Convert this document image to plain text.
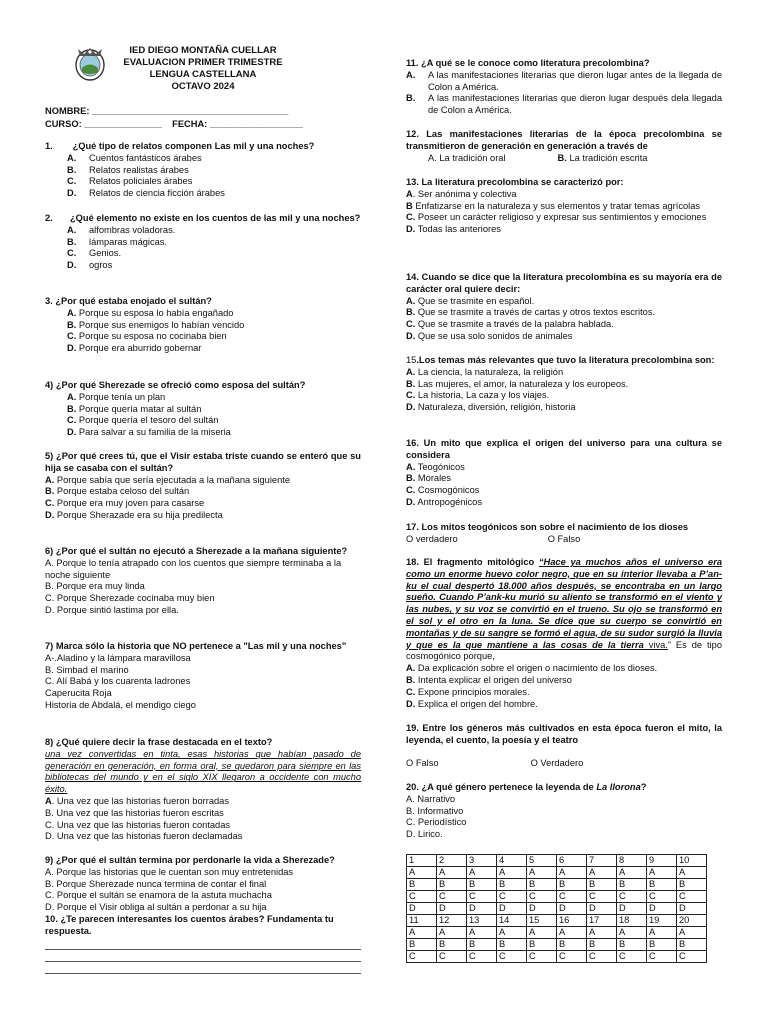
IED DIEGO MONTAÑA CUELLAR
EVALUACION PRIMER TRIMESTRE
LENGUA CASTELLANA
OCTAVO 2024
NOMBRE: ______________________________________
CURSO: _______________ FECHA: __________________
1. ¿Qué tipo de relatos componen Las mil y una noches?
A.	Cuentos fantásticos árabes
B.	Relatos realistas árabes
C.	Relatos policiales árabes
D.	Relatos de ciencia ficción árabes
2.	¿Qué elemento no existe en los cuentos de las mil y una noches?
A.	alfombras voladoras.
B.	lámparas mágicas.
C.	Genios.
D.	ogros
3. ¿Por qué estaba enojado el sultán?
A. Porque su esposa lo había engañado
B. Porque sus enemigos lo habían vencido
C. Porque su esposa no cocinaba bien
D. Porque era aburrido gobernar
4) ¿Por qué Sherezade se ofreció como esposa del sultán?
A. Porque tenía un plan
B. Porque quería matar al sultán
C. Porque quería el tesoro del sultán
D. Para salvar a su familia de la miseria
5) ¿Por qué crees tú, que el Visir estaba triste cuando se enteró que su hija se casaba con el sultán?
A. Porque sabía que sería ejecutada a la mañana siguiente
B. Porque estaba celoso del sultán
C. Porque era muy joven para casarse
D. Porque Sherazade era su hija predilecta
6) ¿Por qué el sultán no ejecutó a Sherezade a la mañana siguiente?
A. Porque lo tenía atrapado con los cuentos que siempre terminaba a la noche siguiente
B. Porque era muy linda
C. Porque Sherezade cocinaba muy bien
D. Porque sintió lastima por ella.
7) Marca sólo la historia que NO pertenece a "Las mil y una noches"
A-.Aladino y la lámpara maravillosa
B. Simbad el marino
C. Alí Babá y los cuarenta ladrones
Caperucita Roja
Historia de Abdalá, el mendigo ciego
8) ¿Qué quiere decir la frase destacada en el texto?
una vez convertidas en tinta, esas historias que habían pasado de generación en generación, en forma oral, se quedaron para siempre en las bibliotecas del mundo y en el siglo XIX llegaron a occidente con mucho éxito.
A. Una vez que las historias fueron borradas
B. Una vez que las historias fueron escritas
C. Una vez que las historias fueron contadas
D. Una vez que las historias fueron declamadas
9) ¿Por qué el sultán termina por perdonarle la vida a Sherezade?
A. Porque las historias que le cuentan son muy entretenidas
B. Porque Sherezade nunca termina de contar el final
C. Porque el sultán se enamora de la astuta muchacha
D. Porque el Visir obliga al sultán a perdonar a su hija
10. ¿Te parecen interesantes los cuentos árabes? Fundamenta tu respuesta.
11. ¿A qué se le conoce como literatura precolombina?
A.	A las manifestaciones literarias que dieron lugar antes de la llegada de Colon a América.
B.	A las manifestaciones literarias que dieron lugar después dela llegada de Colon a América.
12. Las manifestaciones literarias de la época precolombina se transmitieron de generación en generación a través de
A. La tradición oral	B. La tradición escrita
13. La literatura precolombina se caracterizó por:
A. Ser anónima y colectiva
B Enfatizarse en la naturaleza y sus elementos y tratar temas agrícolas
C. Poseer un carácter religioso y expresar sus sentimientos y emociones
D. Todas las anteriores
14. Cuando se dice que la literatura precolombina es su mayoría era de carácter oral quiere decir:
A. Que se trasmite en español.
B. Que se trasmite a través de cartas y otros textos escritos.
C. Que se trasmite a través de la palabra hablada.
D. Que se usa solo sonidos de animales
15.Los temas más relevantes que tuvo la literatura precolombina son:
A. La ciencia, la naturaleza, la religión
B. Las mujeres, el amor, la naturaleza y los europeos.
C. La historia, La caza y los viajes.
D. Naturaleza, diversión, religión, historia
16. Un mito que explica el origen del universo para una cultura se considera
A. Teogónicos
B. Morales
C. Cosmogónicos
D. Antropogénicos
17. Los mitos teogónicos son sobre el nacimiento de los dioses
O verdadero	O Falso
18. El fragmento mitológico “Hace ya muchos años el universo era como un enorme huevo color negro, que en su interior llevaba a P’an-ku el cual despertó 18.000 años después, se encontraba en un largo sueño. Cuando P’ank-ku murió su aliento se transformó en el viento y las nubes, y su voz se convirtió en el trueno. Su ojo se transformó en el sol y el otro en la luna. Se dice que su cuerpo se convirtió en montañas y de su sangre se formó el agua, de su sudor surgió la lluvia y que es la que mantiene a las cosas de la tierra viva.” Es de tipo cosmogónico porque,
A. Da explicación sobre el origen o nacimiento de los dioses.
B. Intenta explicar el origen del universo
C. Expone principios morales.
D. Explica el origen del hombre.
19. Entre los géneros más cultivados en esta época fueron el mito, la leyenda, el cuento, la poesía y el teatro
O Falso	O Verdadero
20. ¿A qué género pertenece la leyenda de La llorona?
A. Narrativo
B. Informativo
C. Periodístico
D. Lirico.
1	2	3	4	5	6	7	8	9	10
A	A	A	A	A	A	A	A	A	A
B	B	B	B	B	B	B	B	B	B
C	C	C	C	C	C	C	C	C	C
D	D	D	D	D	D	D	D	D	D
11	12	13	14	15	16	17	18	19	20
A	A	A	A	A	A	A	A	A	A
B	B	B	B	B	B	B	B	B	B
C	C	C	C	C	C	C	C	C	C
